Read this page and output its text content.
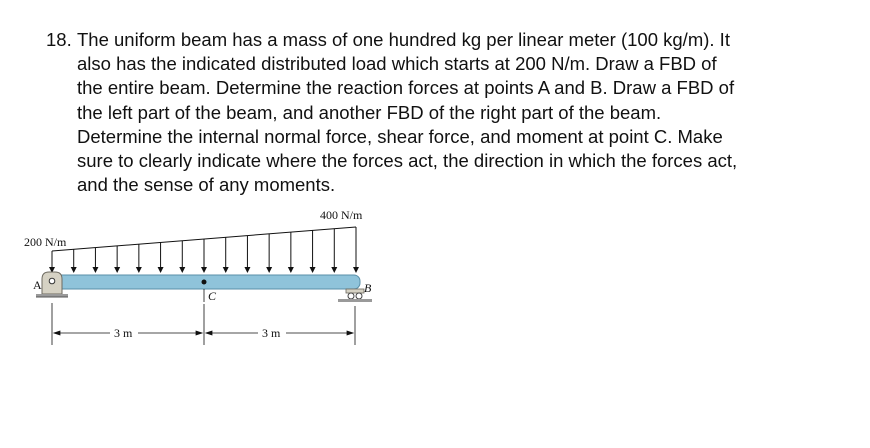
18. The uniform beam has a mass of one hundred kg per linear meter (100 kg/m). It
also has the indicated distributed load which starts at 200 N/m. Draw a FBD of
the entire beam. Determine the reaction forces at points A and B. Draw a FBD of
the left part of the beam, and another FBD of the right part of the beam.
Determine the internal normal force, shear force, and moment at point C. Make
sure to clearly indicate where the forces act, the direction in which the forces act,
and the sense of any moments.
200 N/m
400 N/m
A	B
C
3 m	3 m
